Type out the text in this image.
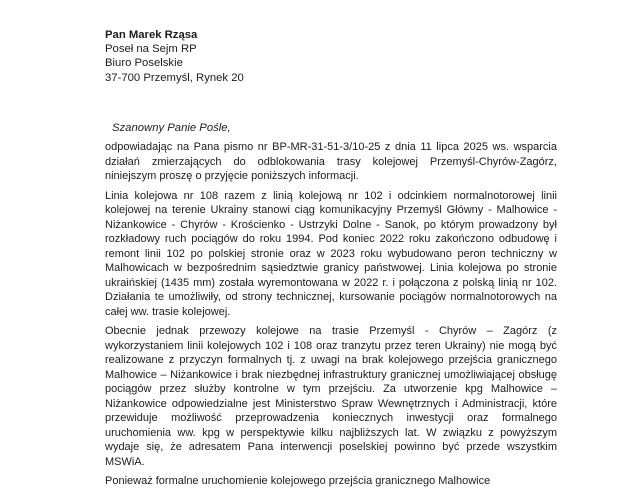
Pan Marek Rząsa
Poseł na Sejm RP
Biuro Poselskie
37-700 Przemyśl, Rynek 20
Szanowny Panie Pośle,

odpowiadając na Pana pismo nr BP-MR-31-51-3/10-25 z dnia 11 lipca 2025 ws. wsparcia działań zmierzających do odblokowania trasy kolejowej Przemyśl-Chyrów-Zagórz, niniejszym proszę o przyjęcie poniższych informacji.

Linia kolejowa nr 108 razem z linią kolejową nr 102 i odcinkiem normalnotorowej linii kolejowej na terenie Ukrainy stanowi ciąg komunikacyjny Przemyśl Główny - Malhowice - Niżankowice - Chyrów - Krościenko - Ustrzyki Dolne - Sanok, po którym prowadzony był rozkładowy ruch pociągów do roku 1994. Pod koniec 2022 roku zakończono odbudowę i remont linii 102 po polskiej stronie oraz w 2023 roku wybudowano peron techniczny w Malhowicach w bezpośrednim sąsiedztwie granicy państwowej. Linia kolejowa po stronie ukraińskiej (1435 mm) została wyremontowana w 2022 r. i połączona z polską linią nr 102. Działania te umożliwiły, od strony technicznej, kursowanie pociągów normalnotorowych na całej ww. trasie kolejowej.

Obecnie jednak przewozy kolejowe na trasie Przemyśl - Chyrów – Zagórz (z wykorzystaniem linii kolejowych 102 i 108 oraz tranzytu przez teren Ukrainy) nie mogą być realizowane z przyczyn formalnych tj. z uwagi na brak kolejowego przejścia granicznego Malhowice – Niżankowice i brak niezbędnej infrastruktury granicznej umożliwiającej obsługę pociągów przez służby kontrolne w tym przejściu. Za utworzenie kpg Malhowice – Niżankowice odpowiedzialne jest Ministerstwo Spraw Wewnętrznych i Administracji, które przewiduje możliwość przeprowadzenia koniecznych inwestycji oraz formalnego uruchomienia ww. kpg w perspektywie kilku najbliższych lat. W związku z powyższym wydaje się, że adresatem Pana interwencji poselskiej powinno być przede wszystkim MSWiA.

Ponieważ formalne uruchomienie kolejowego przejścia granicznego Malhowice
